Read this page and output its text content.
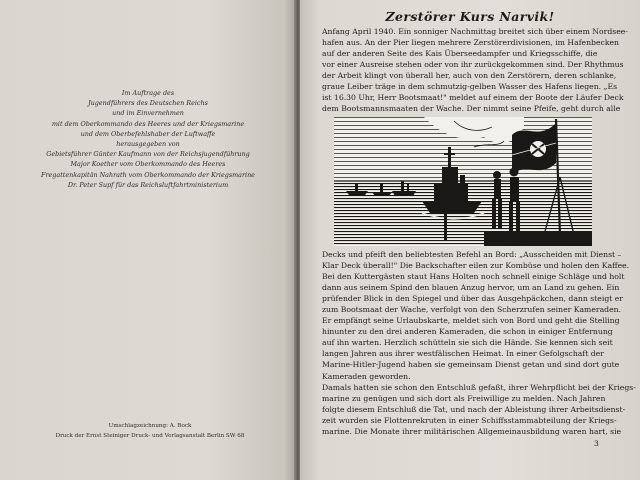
Im Auftrage des
Jugendführers des Deutschen Reichs
und im Einvernehmen
mit dem Oberkommando des Heeres und der Kriegsmarine
und dem Oberbefehlshaber der Luftwaffe
herausgegeben von
Gebietsführer Günter Kaufmann von der Reichsjugendführung
Major Koether vom Oberkommando des Heeres
Fregattenkapitän Nahrath vom Oberkommando der Kriegsmarine
Dr. Peter Supf für das Reichsluftfahrtministerium
Umschlagzeichnung: A. Bock
Druck der Ernst Steiniger Druck- und Verlagsanstalt Berlin SW 68
Zerstörer Kurs Narvik!
Anfang April 1940. Ein sonniger Nachmittag breitet sich über einem Nordsee-
hafen aus. An der Pier liegen mehrere Zerstörerdivisionen, im Hafenbecken
auf der anderen Seite des Kais Überseedampfer und Kriegsschiffe, die
vor einer Ausreise stehen oder von ihr zurückgekommen sind. Der Rhythmus
der Arbeit klingt von überall her, auch von den Zerstörern, deren schlanke,
graue Leiber träge in dem schmutzig-gelben Wasser des Hafens liegen. „Es
ist 16.30 Uhr, Herr Bootsmaat!" meldet auf einem der Boote der Läufer Deck
dem Bootsmannsmaaten der Wache. Der nimmt seine Pfeife, geht durch alle
Decks und pfeift den beliebtesten Befehl an Bord: „Ausscheiden mit Dienst –
Klar Deck überall!" Die Backschafter eilen zur Kombüse und holen den Kaffee.
Bei den Kuttergästen staut Hans Holten noch schnell einige Schläge und holt
dann aus seinem Spind den blauen Anzug hervor, um an Land zu gehen. Ein
prüfender Blick in den Spiegel und über das Ausgehpäckchen, dann steigt er
zum Bootsmaat der Wache, verfolgt von den Scherzrufen seiner Kameraden.
Er empfängt seine Urlaubskarte, meldet sich von Bord und geht die Stelling
hinunter zu den drei anderen Kameraden, die schon in einiger Entfernung
auf ihn warten. Herzlich schütteln sie sich die Hände. Sie kennen sich seit
langen Jahren aus ihrer westfälischen Heimat. In einer Gefolgschaft der
Marine-Hitler-Jugend haben sie gemeinsam Dienst getan und sind dort gute
Kameraden geworden.
Damals hatten sie schon den Entschluß gefaßt, ihrer Wehrpflicht bei der Kriegs-
marine zu genügen und sich dort als Freiwillige zu melden. Nach Jahren
folgte diesem Entschluß die Tat, und nach der Ableistung ihrer Arbeitsdienst-
zeit wurden sie Flottenrekruten in einer Schiffsstammabteilung der Kriegs-
marine. Die Monate ihrer militärischen Allgemeinausbildung waren hart, sie
3
